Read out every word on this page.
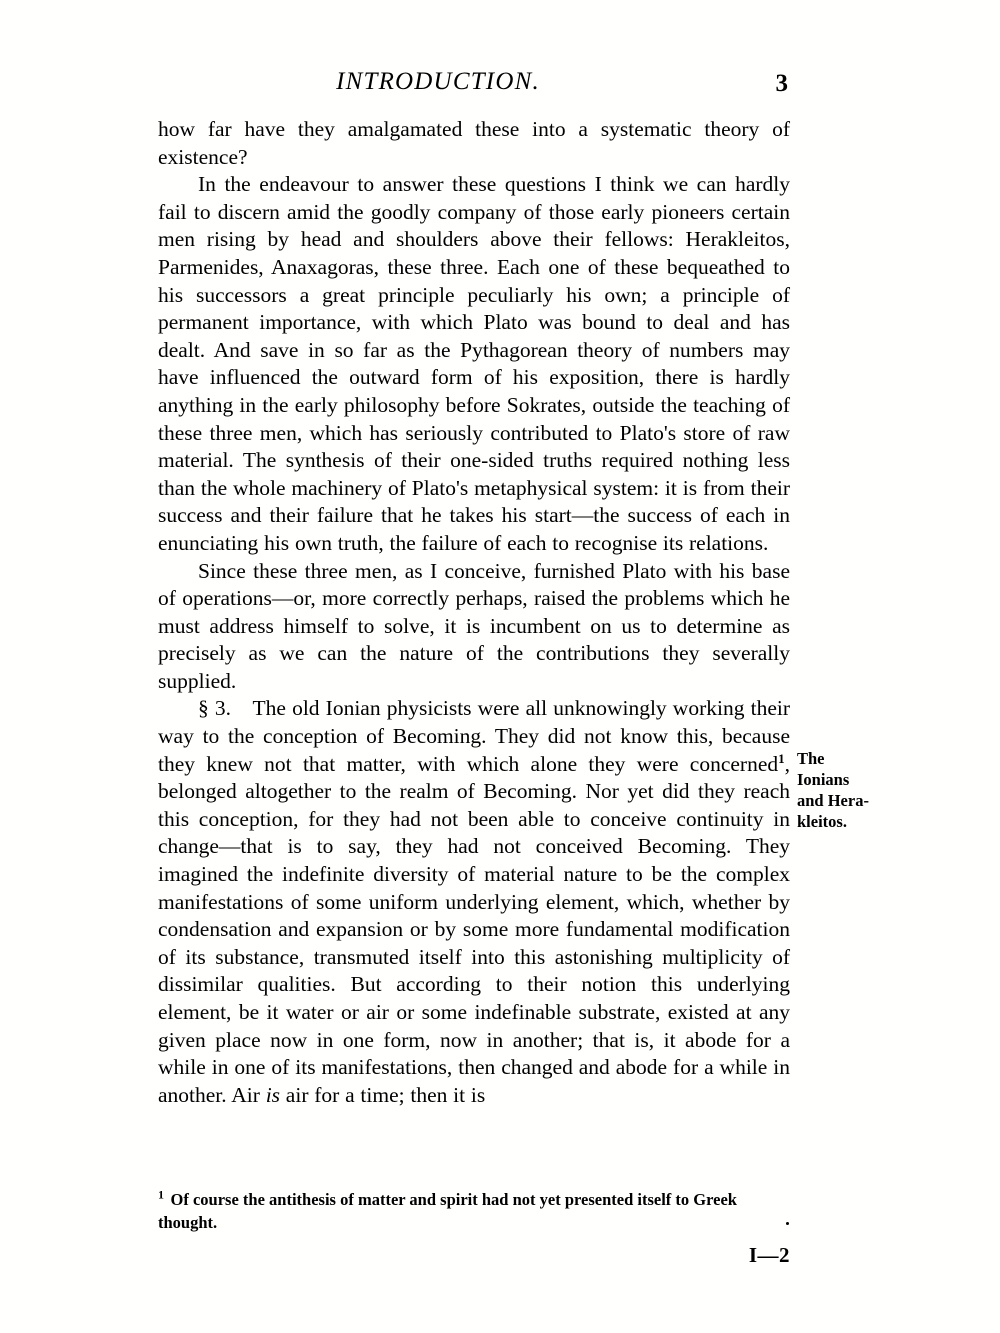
INTRODUCTION.	3

how far have they amalgamated these into a systematic theory of existence?

In the endeavour to answer these questions I think we can hardly fail to discern amid the goodly company of those early pioneers certain men rising by head and shoulders above their fellows: Herakleitos, Parmenides, Anaxagoras, these three. Each one of these bequeathed to his successors a great principle peculiarly his own; a principle of permanent importance, with which Plato was bound to deal and has dealt. And save in so far as the Pythagorean theory of numbers may have influenced the outward form of his exposition, there is hardly anything in the early philosophy before Sokrates, outside the teaching of these three men, which has seriously contributed to Plato's store of raw material. The synthesis of their one-sided truths required nothing less than the whole machinery of Plato's metaphysical system: it is from their success and their failure that he takes his start—the success of each in enunciating his own truth, the failure of each to recognise its relations.

Since these three men, as I conceive, furnished Plato with his base of operations—or, more correctly perhaps, raised the problems which he must address himself to solve, it is incumbent on us to determine as precisely as we can the nature of the contributions they severally supplied.

§ 3.  The old Ionian physicists were all unknowingly working their way to the conception of Becoming. They did not know this, because they knew not that matter, with which alone they were concerned$^1$, belonged altogether to the realm of Becoming. Nor yet did they reach this conception, for they had not been able to conceive continuity in change—that is to say, they had not conceived Becoming. They imagined the indefinite diversity of material nature to be the complex manifestations of some uniform underlying element, which, whether by condensation and expansion or by some more fundamental modification of its substance, transmuted itself into this astonishing multiplicity of dissimilar qualities. But according to their notion this underlying element, be it water or air or some indefinable substrate, existed at any given place now in one form, now in another; that is, it abode for a while in one of its manifestations, then changed and abode for a while in another. Air is air for a time; then it is

The
Ionians
and Hera-
kleitos.
$^1$  Of course the antithesis of matter and spirit had not yet presented itself to Greek thought.
I—2
